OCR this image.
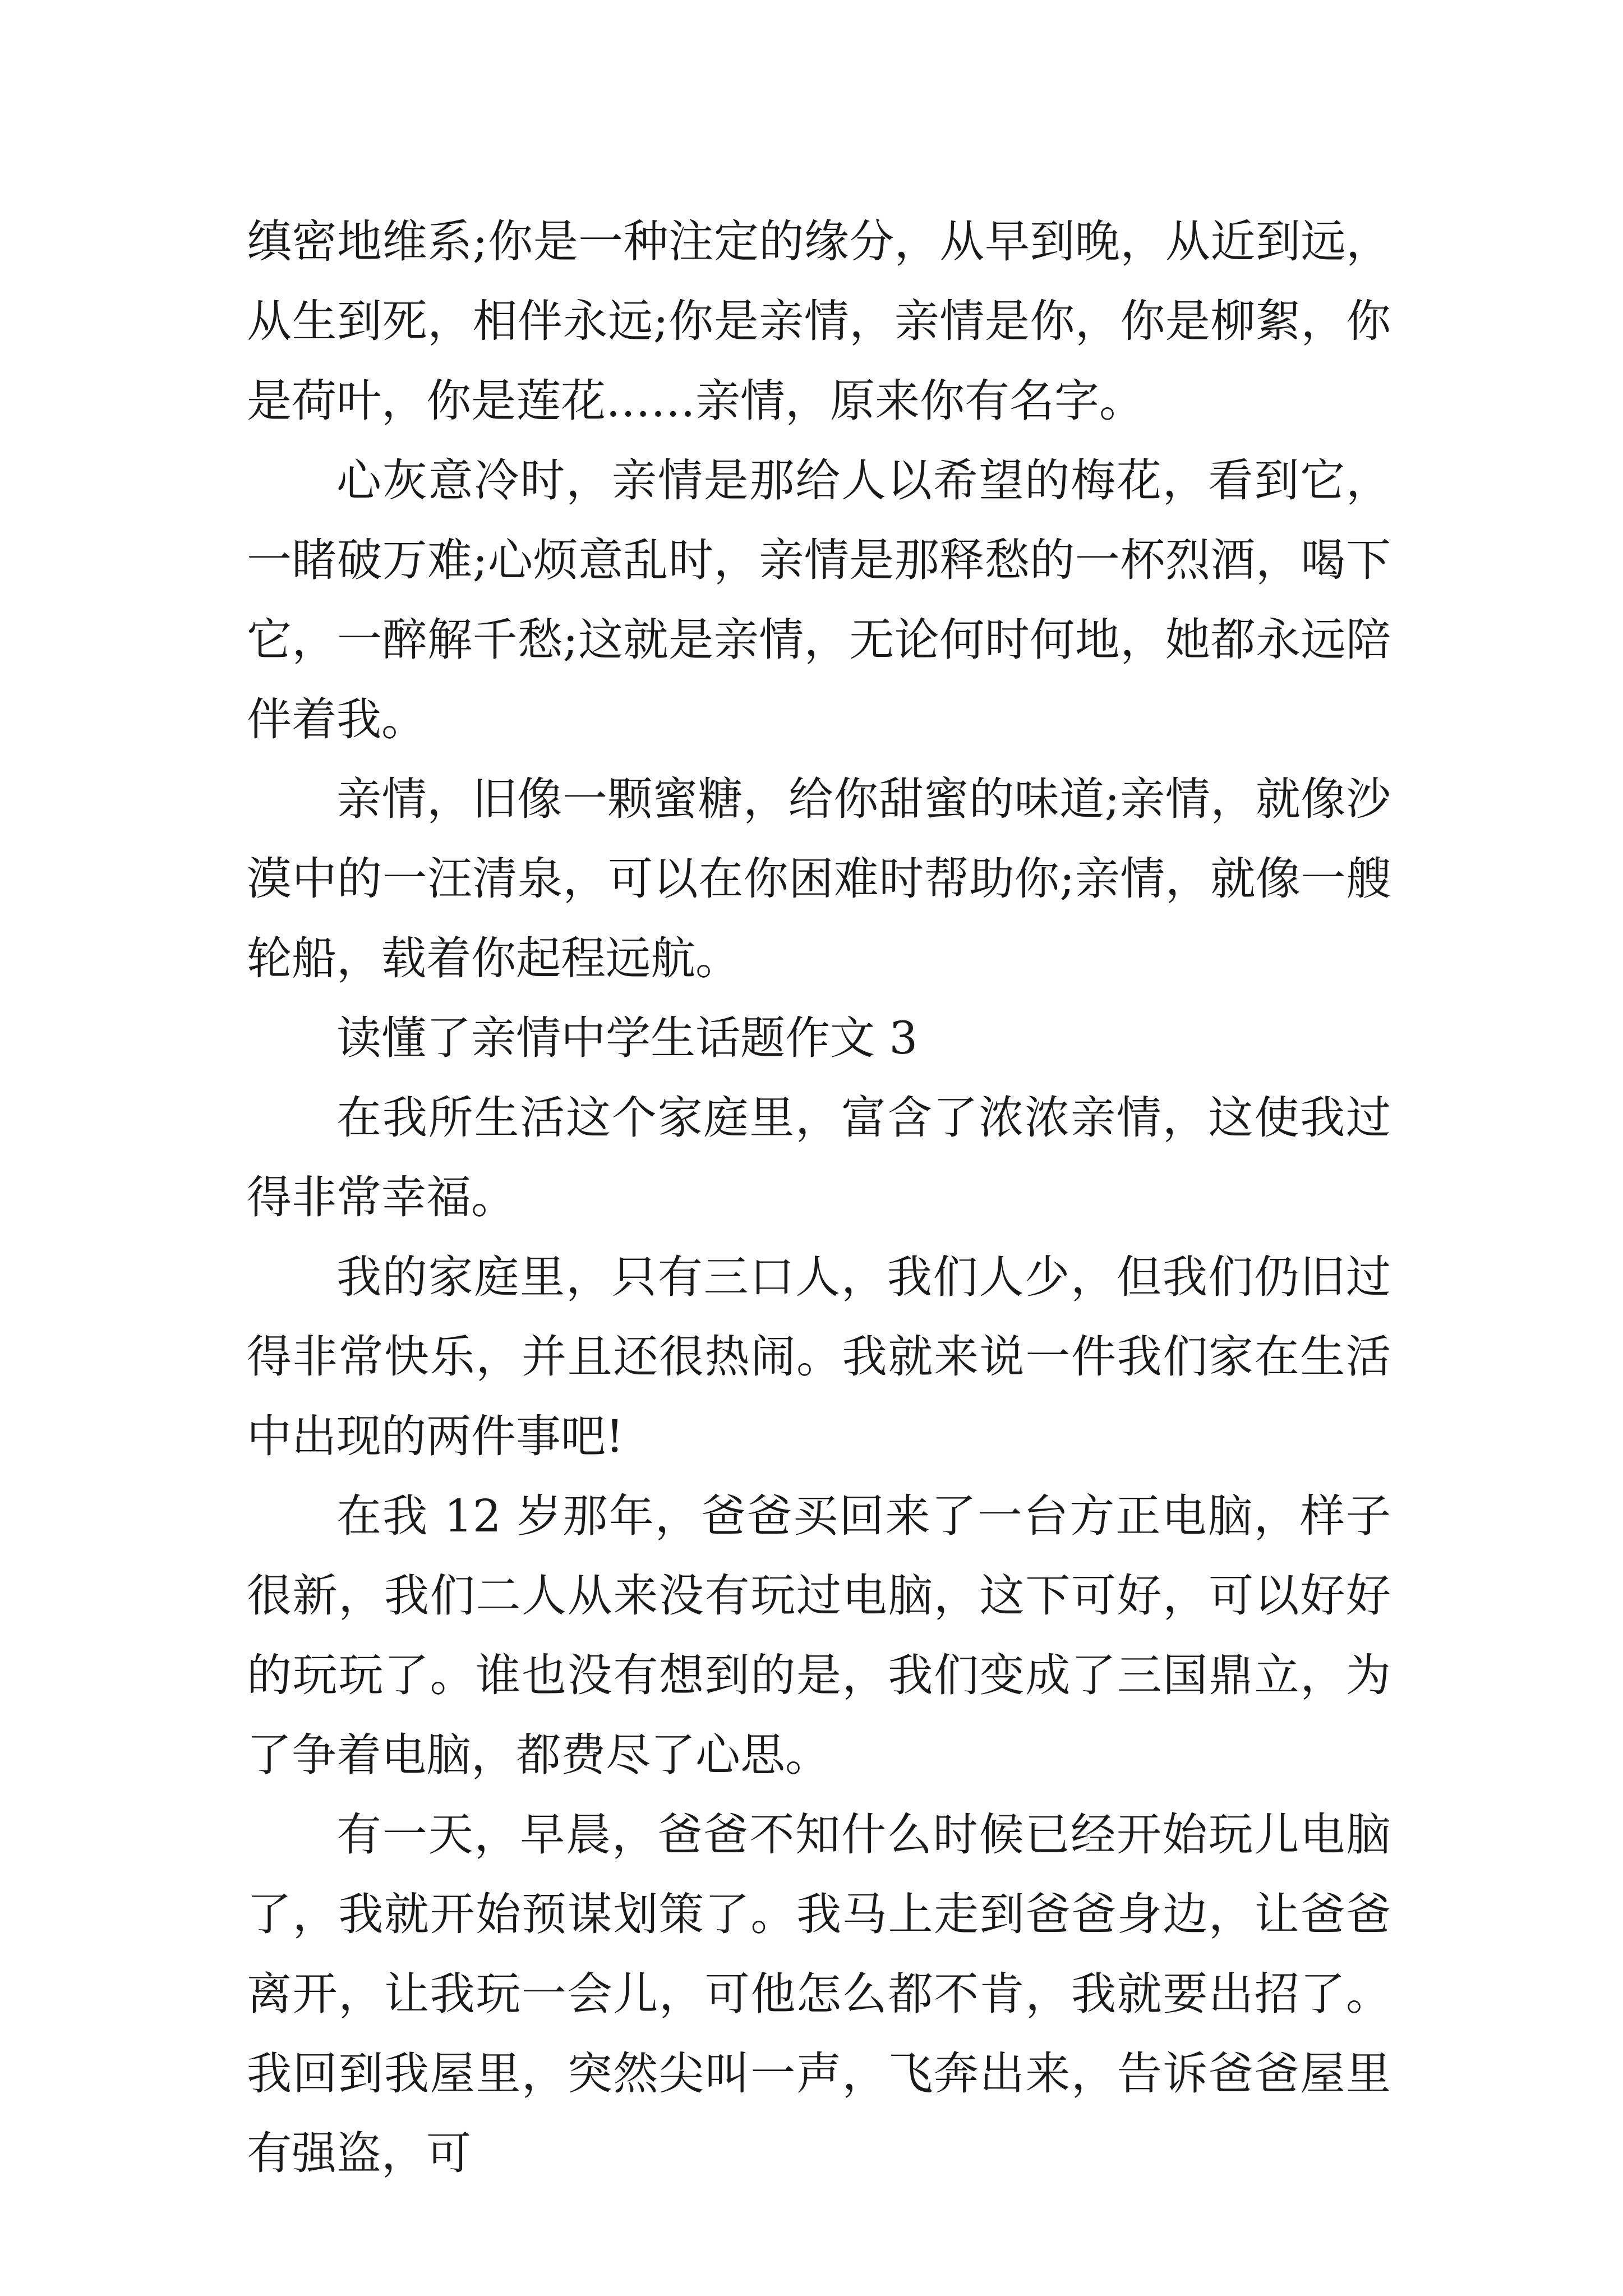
缜密地维系;你是一种注定的缘分，从早到晚，从近到远，从生到死，相伴永远;你是亲情，亲情是你，你是柳絮，你是荷叶，你是莲花……亲情，原来你有名字。

心灰意冷时，亲情是那给人以希望的梅花，看到它，一睹破万难;心烦意乱时，亲情是那释愁的一杯烈酒，喝下它，一醉解千愁;这就是亲情，无论何时何地，她都永远陪伴着我。

亲情，旧像一颗蜜糖，给你甜蜜的味道;亲情，就像沙漠中的一汪清泉，可以在你困难时帮助你;亲情，就像一艘轮船，载着你起程远航。

读懂了亲情中学生话题作文 3

在我所生活这个家庭里，富含了浓浓亲情，这使我过得非常幸福。

我的家庭里，只有三口人，我们人少，但我们仍旧过得非常快乐，并且还很热闹。我就来说一件我们家在生活中出现的两件事吧!

在我 12 岁那年，爸爸买回来了一台方正电脑，样子很新，我们二人从来没有玩过电脑，这下可好，可以好好的玩玩了。谁也没有想到的是，我们变成了三国鼎立，为了争着电脑，都费尽了心思。

有一天，早晨，爸爸不知什么时候已经开始玩儿电脑了，我就开始预谋划策了。我马上走到爸爸身边，让爸爸离开，让我玩一会儿，可他怎么都不肯，我就要出招了。我回到我屋里，突然尖叫一声，飞奔出来，告诉爸爸屋里有强盗，可
